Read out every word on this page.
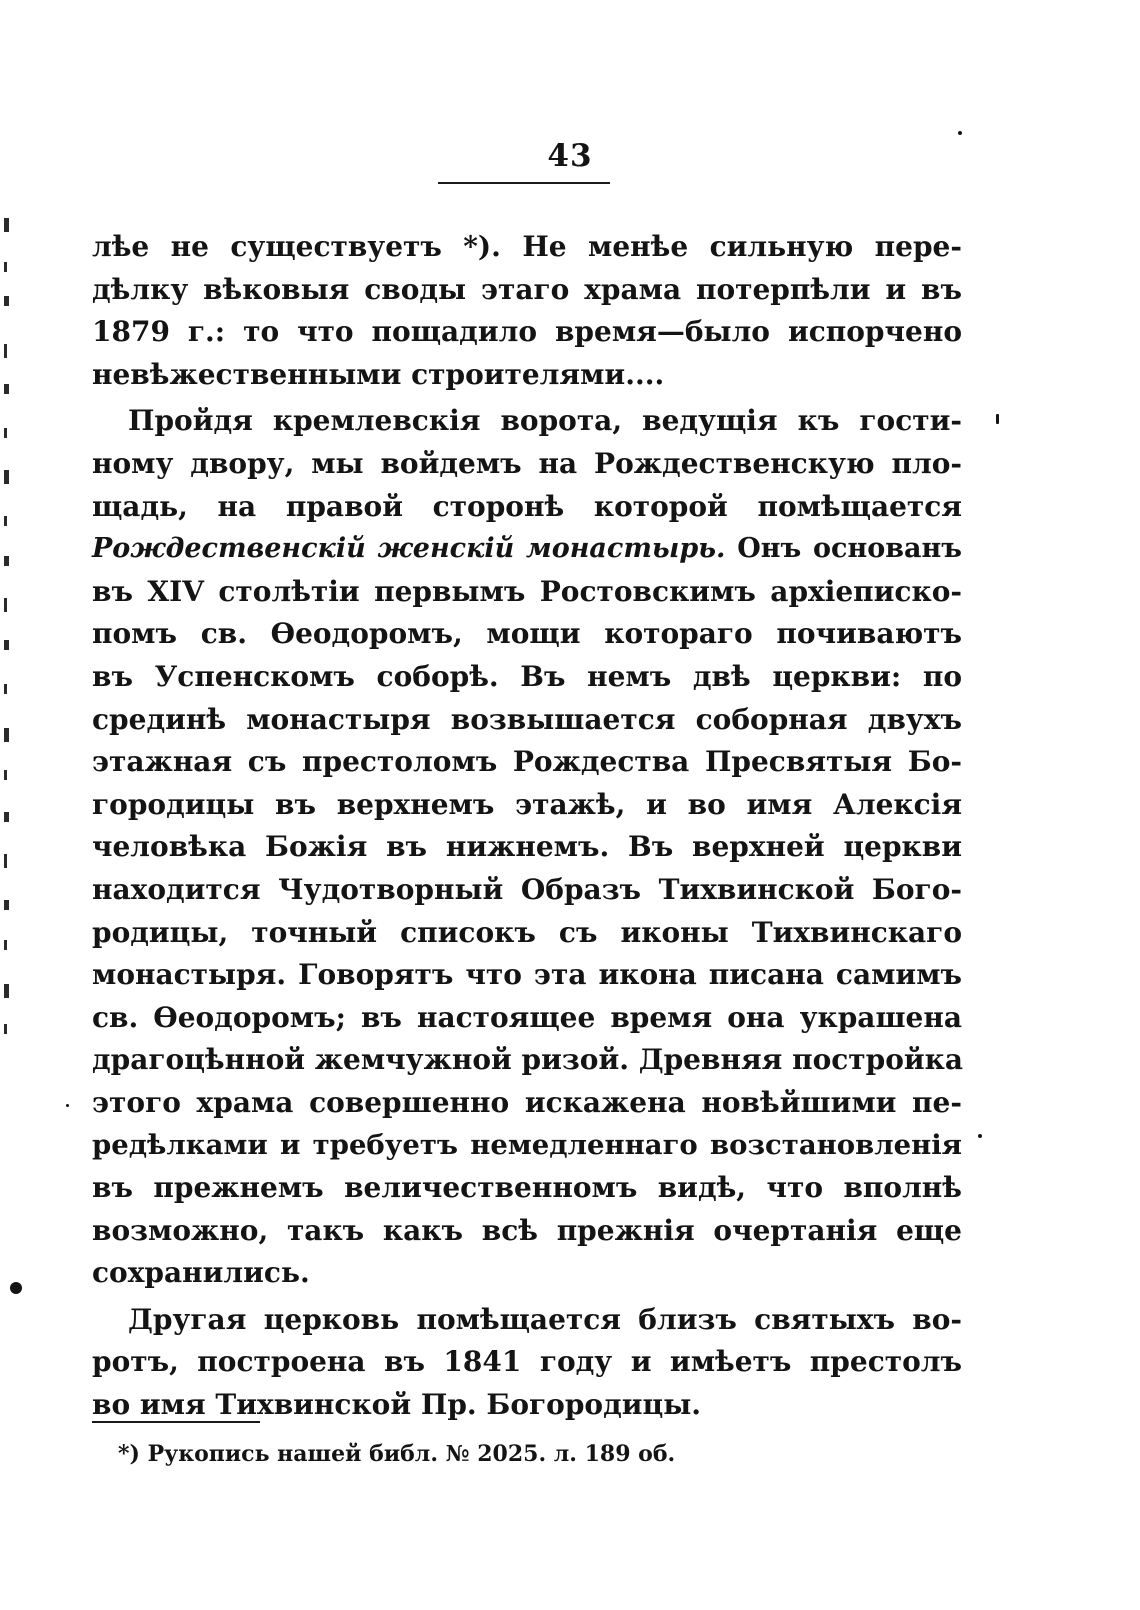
43
лѣе не существуетъ *). Не менѣе сильную пере-
дѣлку вѣковыя своды этаго храма потерпѣли и въ
1879 г.: то что пощадило время—было испорчено
невѣжественными строителями....
Пройдя кремлевскія ворота, ведущія къ гости-
ному двору, мы войдемъ на Рождественскую пло-
щадь, на правой сторонѣ которой помѣщается
Рождественскій женскій монастырь. Онъ основанъ
въ XIV столѣтіи первымъ Ростовскимъ архіеписко-
помъ св. Ѳеодоромъ, мощи котораго почиваютъ
въ Успенскомъ соборѣ. Въ немъ двѣ церкви: по
срединѣ монастыря возвышается соборная двухъ
этажная съ престоломъ Рождества Пресвятыя Бо-
городицы въ верхнемъ этажѣ, и во имя Алексія
человѣка Божія въ нижнемъ. Въ верхней церкви
находится Чудотворный Образъ Тихвинской Бого-
родицы, точный списокъ съ иконы Тихвинскаго
монастыря. Говорятъ что эта икона писана самимъ
св. Ѳеодоромъ; въ настоящее время она украшена
драгоцѣнной жемчужной ризой. Древняя постройка
этого храма совершенно искажена новѣйшими пе-
редѣлками и требуетъ немедленнаго возстановленія
въ прежнемъ величественномъ видѣ, что вполнѣ
возможно, такъ какъ всѣ прежнія очертанія еще
сохранились.
Другая церковь помѣщается близъ святыхъ во-
ротъ, построена въ 1841 году и имѣетъ престолъ
во имя Тихвинской Пр. Богородицы.
*) Рукопись нашей библ. № 2025. л. 189 об.
